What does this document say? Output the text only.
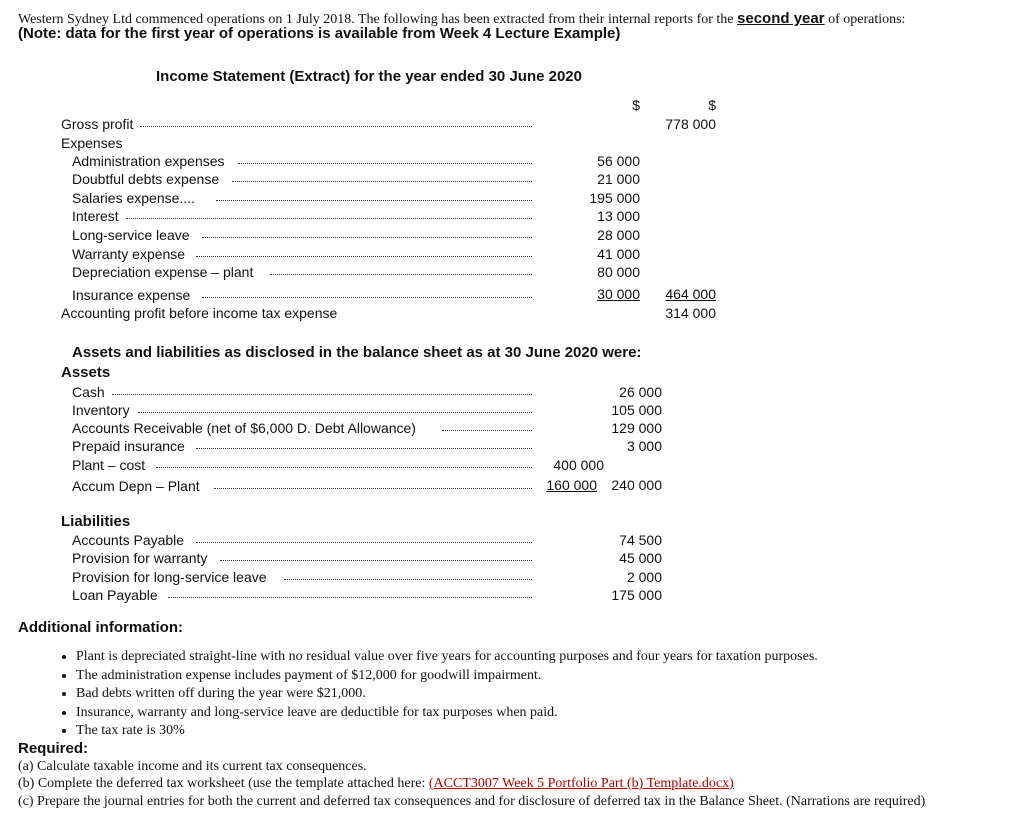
Western Sydney Ltd commenced operations on 1 July 2018. The following has been extracted from their internal reports for the second year of operations:
(Note: data for the first year of operations is available from Week 4 Lecture Example)
Income Statement (Extract) for the year ended 30 June 2020
$	$
Gross profit	778 000
Expenses
Administration expenses	56 000
Doubtful debts expense	21 000
Salaries expense....	195 000
Interest	13 000
Long-service leave	28 000
Warranty expense	41 000
Depreciation expense – plant	80 000
Insurance expense	30 000	464 000
Accounting profit before income tax expense	314 000
Assets and liabilities as disclosed in the balance sheet as at 30 June 2020 were:
Assets
Cash	26 000
Inventory	105 000
Accounts Receivable (net of $6,000 D. Debt Allowance)	129 000
Prepaid insurance	3 000
Plant – cost	400 000
Accum Depn – Plant	160 000	240 000
Liabilities
Accounts Payable	74 500
Provision for warranty	45 000
Provision for long-service leave	2 000
Loan Payable	175 000
Additional information:
• Plant is depreciated straight-line with no residual value over five years for accounting purposes and four years for taxation purposes.
• The administration expense includes payment of $12,000 for goodwill impairment.
• Bad debts written off during the year were $21,000.
• Insurance, warranty and long-service leave are deductible for tax purposes when paid.
• The tax rate is 30%
Required:
(a) Calculate taxable income and its current tax consequences.
(b) Complete the deferred tax worksheet (use the template attached here: (ACCT3007 Week 5 Portfolio Part (b) Template.docx)
(c) Prepare the journal entries for both the current and deferred tax consequences and for disclosure of deferred tax in the Balance Sheet. (Narrations are required)
